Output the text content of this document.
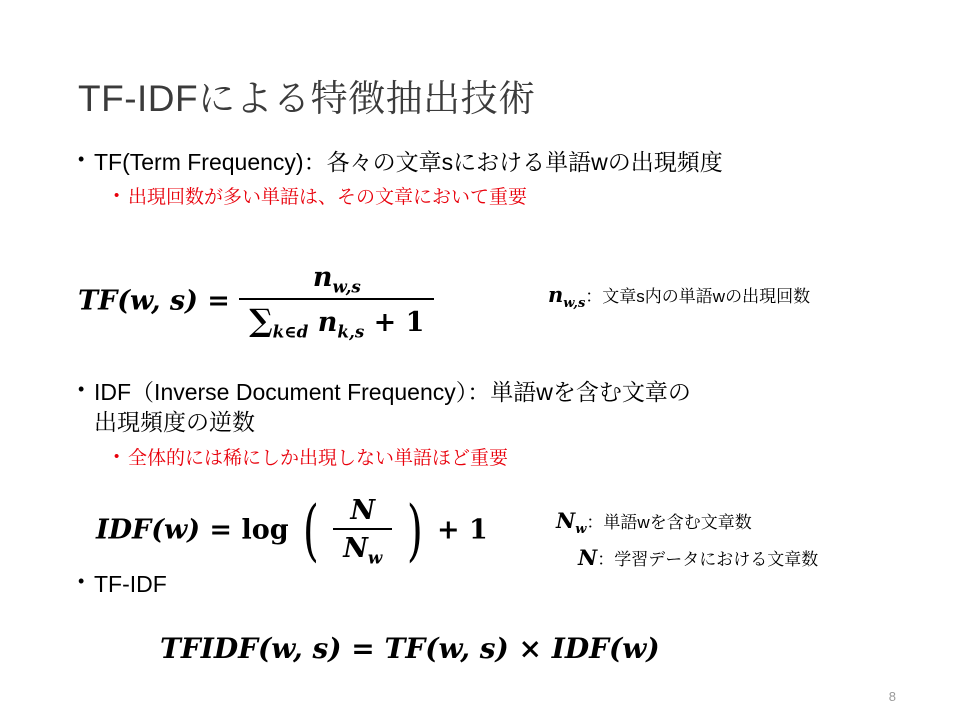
TF-IDFによる特徴抽出技術
• TF(Term Frequency)：各々の文章sにおける単語wの出現頻度
• 出現回数が多い単語は、その文章において重要
TF(w, $s) = \frac{n_{w,s}}{\sum_{k\in d} n_{k,s} + 1}$	$n_{w,s}$：文章s内の単語wの出現回数
• IDF（Inverse Document Frequency）：単語wを含む文章の
出現頻度の逆数
• 全体的には稀にしか出現しない単語ほど重要
IDF(w) = log ( $\frac{N}{N_w}$ ) + 1	$N_w$：単語wを含む文章数
N：学習データにおける文章数
• TF-IDF
TFIDF(w, s) = TF(w, s) × IDF(w)
8
